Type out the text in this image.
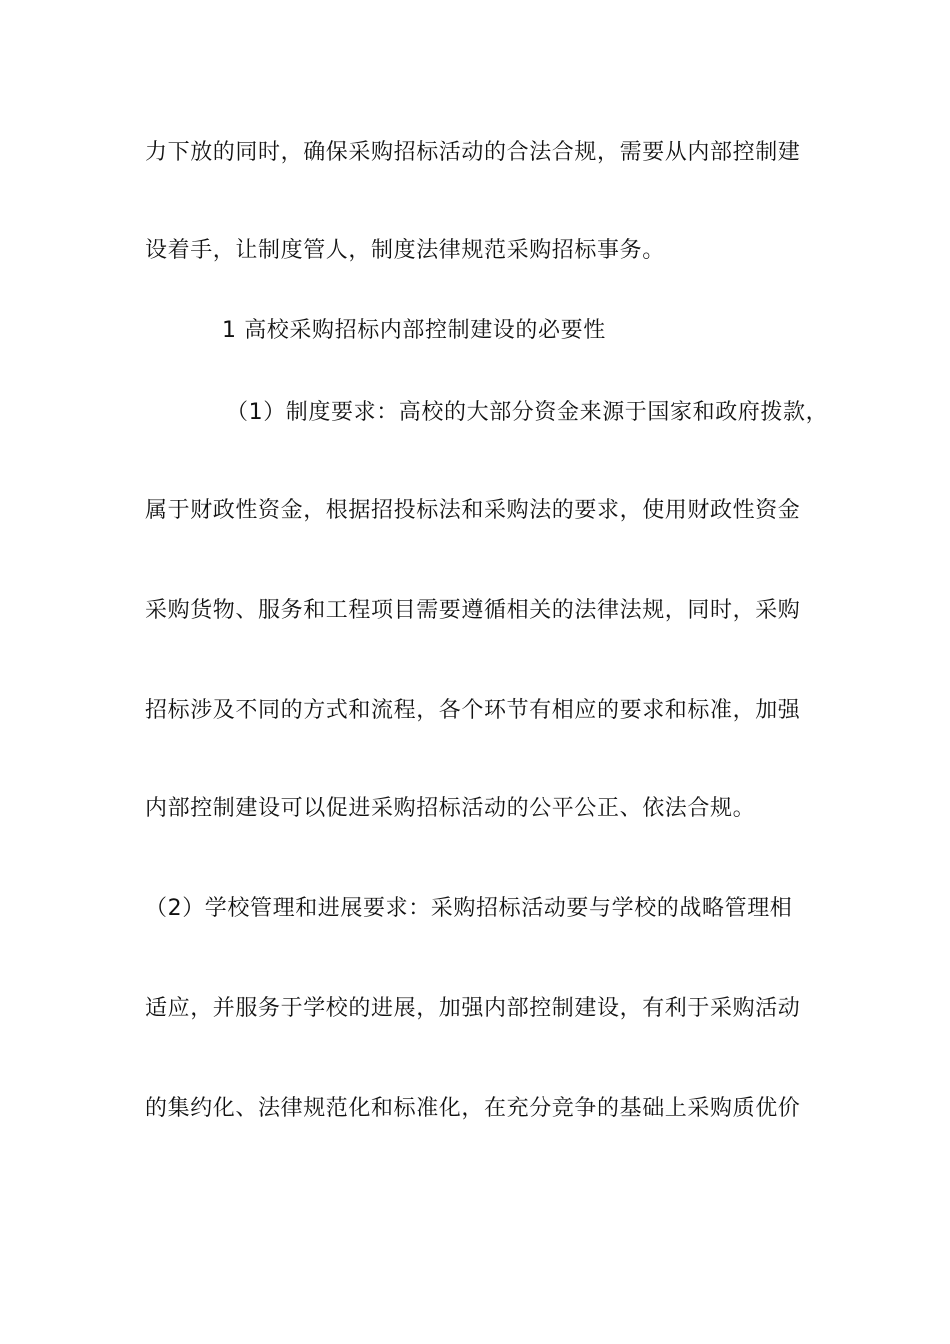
力下放的同时，确保采购招标活动的合法合规，需要从内部控制建
设着手，让制度管人，制度法律规范采购招标事务。
1 高校采购招标内部控制建设的必要性
（1）制度要求：高校的大部分资金来源于国家和政府拨款，
属于财政性资金，根据招投标法和采购法的要求，使用财政性资金
采购货物、服务和工程项目需要遵循相关的法律法规，同时，采购
招标涉及不同的方式和流程，各个环节有相应的要求和标准，加强
内部控制建设可以促进采购招标活动的公平公正、依法合规。
（2）学校管理和进展要求：采购招标活动要与学校的战略管理相
适应，并服务于学校的进展，加强内部控制建设，有利于采购活动
的集约化、法律规范化和标准化，在充分竞争的基础上采购质优价
